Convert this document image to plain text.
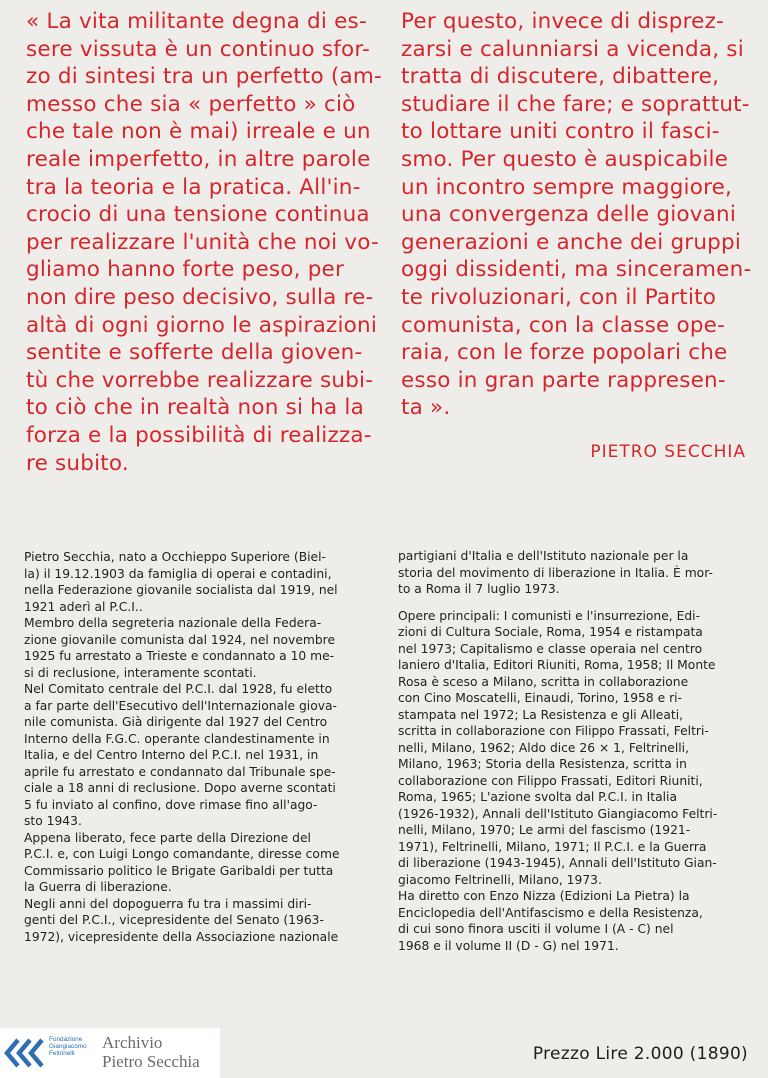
« La vita militante degna di es-
sere vissuta è un continuo sfor-
zo di sintesi tra un perfetto (am-
messo che sia « perfetto » ciò
che tale non è mai) irreale e un
reale imperfetto, in altre parole
tra la teoria e la pratica. All'in-
crocio di una tensione continua
per realizzare l'unità che noi vo-
gliamo hanno forte peso, per
non dire peso decisivo, sulla re-
altà di ogni giorno le aspirazioni
sentite e sofferte della gioven-
tù che vorrebbe realizzare subi-
to ciò che in realtà non si ha la
forza e la possibilità di realizza-
re subito.
Per questo, invece di disprez-
zarsi e calunniarsi a vicenda, si
tratta di discutere, dibattere,
studiare il che fare; e soprattut-
to lottare uniti contro il fasci-
smo. Per questo è auspicabile
un incontro sempre maggiore,
una convergenza delle giovani
generazioni e anche dei gruppi
oggi dissidenti, ma sinceramen-
te rivoluzionari, con il Partito
comunista, con la classe ope-
raia, con le forze popolari che
esso in gran parte rappresen-
ta ».
PIETRO SECCHIA
Pietro Secchia, nato a Occhieppo Superiore (Biel-
la) il 19.12.1903 da famiglia di operai e contadini,
nella Federazione giovanile socialista dal 1919, nel
1921 aderì al P.C.I..
Membro della segreteria nazionale della Federa-
zione giovanile comunista dal 1924, nel novembre
1925 fu arrestato a Trieste e condannato a 10 me-
si di reclusione, interamente scontati.
Nel Comitato centrale del P.C.I. dal 1928, fu eletto
a far parte dell'Esecutivo dell'Internazionale giova-
nile comunista. Già dirigente dal 1927 del Centro
Interno della F.G.C. operante clandestinamente in
Italia, e del Centro Interno del P.C.I. nel 1931, in
aprile fu arrestato e condannato dal Tribunale spe-
ciale a 18 anni di reclusione. Dopo averne scontati
5 fu inviato al confino, dove rimase fino all'ago-
sto 1943.
Appena liberato, fece parte della Direzione del
P.C.I. e, con Luigi Longo comandante, diresse come
Commissario politico le Brigate Garibaldi per tutta
la Guerra di liberazione.
Negli anni del dopoguerra fu tra i massimi diri-
genti del P.C.I., vicepresidente del Senato (1963-
1972), vicepresidente della Associazione nazionale
partigiani d'Italia e dell'Istituto nazionale per la
storia del movimento di liberazione in Italia. È mor-
to a Roma il 7 luglio 1973.
Opere principali: I comunisti e l'insurrezione, Edi-
zioni di Cultura Sociale, Roma, 1954 e ristampata
nel 1973; Capitalismo e classe operaia nel centro
laniero d'Italia, Editori Riuniti, Roma, 1958; Il Monte
Rosa è sceso a Milano, scritta in collaborazione
con Cino Moscatelli, Einaudi, Torino, 1958 e ri-
stampata nel 1972; La Resistenza e gli Alleati,
scritta in collaborazione con Filippo Frassati, Feltri-
nelli, Milano, 1962; Aldo dice 26 × 1, Feltrinelli,
Milano, 1963; Storia della Resistenza, scritta in
collaborazione con Filippo Frassati, Editori Riuniti,
Roma, 1965; L'azione svolta dal P.C.I. in Italia
(1926-1932), Annali dell'Istituto Giangiacomo Feltri-
nelli, Milano, 1970; Le armi del fascismo (1921-
1971), Feltrinelli, Milano, 1971; Il P.C.I. e la Guerra
di liberazione (1943-1945), Annali dell'Istituto Gian-
giacomo Feltrinelli, Milano, 1973.
Ha diretto con Enzo Nizza (Edizioni La Pietra) la
Enciclopedia dell'Antifascismo e della Resistenza,
di cui sono finora usciti il volume I (A - C) nel
1968 e il volume II (D - G) nel 1971.
Fondazione
Giangiacomo
Feltrinelli
Archivio
Pietro Secchia	Prezzo Lire 2.000 (1890)
